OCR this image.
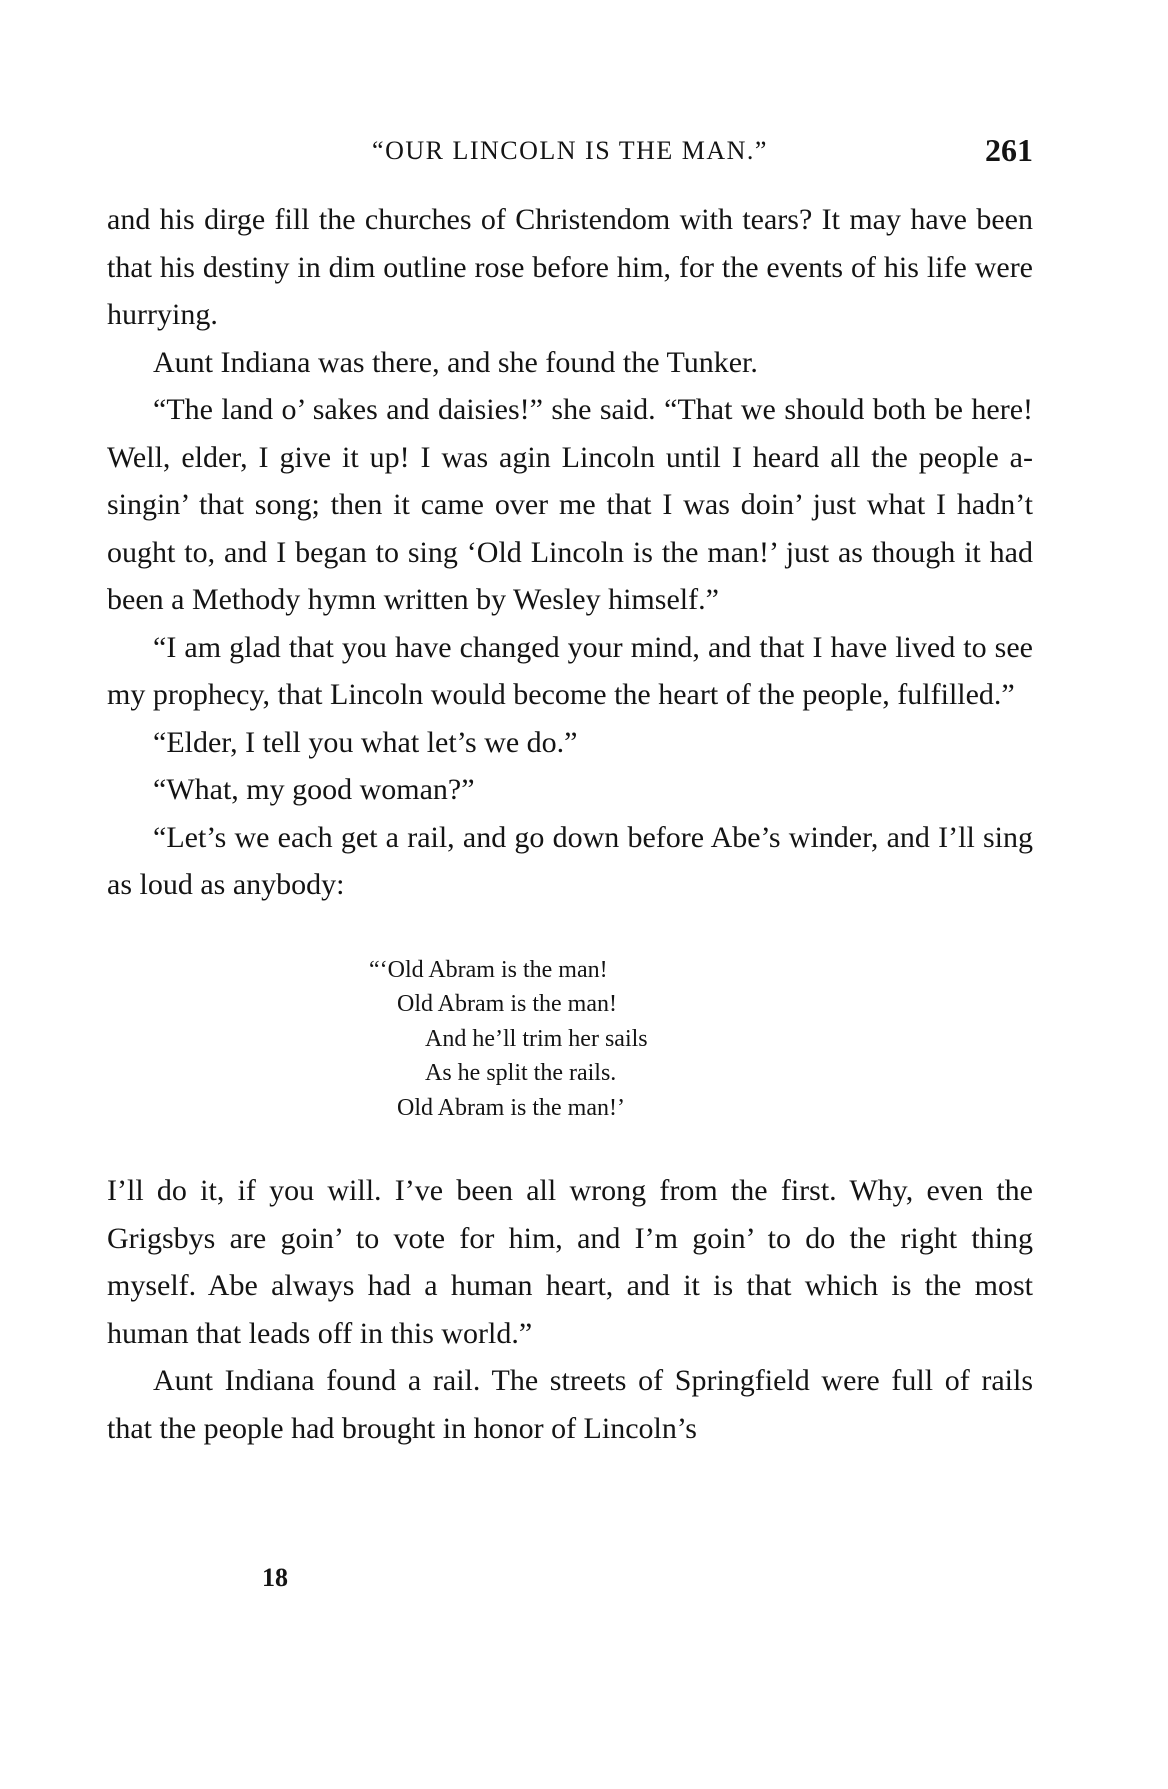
“OUR LINCOLN IS THE MAN.”	261

and his dirge fill the churches of Christendom with tears? It may have been that his destiny in dim outline rose before him, for the events of his life were hurrying.

Aunt Indiana was there, and she found the Tunker.

“The land o’ sakes and daisies!” she said. “That we should both be here! Well, elder, I give it up! I was agin Lincoln until I heard all the people a-singin’ that song; then it came over me that I was doin’ just what I hadn’t ought to, and I began to sing ‘Old Lincoln is the man!’ just as though it had been a Methody hymn written by Wesley himself.”

“I am glad that you have changed your mind, and that I have lived to see my prophecy, that Lincoln would become the heart of the people, fulfilled.”

“Elder, I tell you what let’s we do.”

“What, my good woman?”

“Let’s we each get a rail, and go down before Abe’s winder, and I’ll sing as loud as anybody:

“‘Old Abram is the man!
Old Abram is the man!
And he’ll trim her sails
As he split the rails.
Old Abram is the man!’

I’ll do it, if you will. I’ve been all wrong from the first. Why, even the Grigsbys are goin’ to vote for him, and I’m goin’ to do the right thing myself. Abe always had a human heart, and it is that which is the most human that leads off in this world.”

Aunt Indiana found a rail. The streets of Springfield were full of rails that the people had brought in honor of Lincoln’s

18
